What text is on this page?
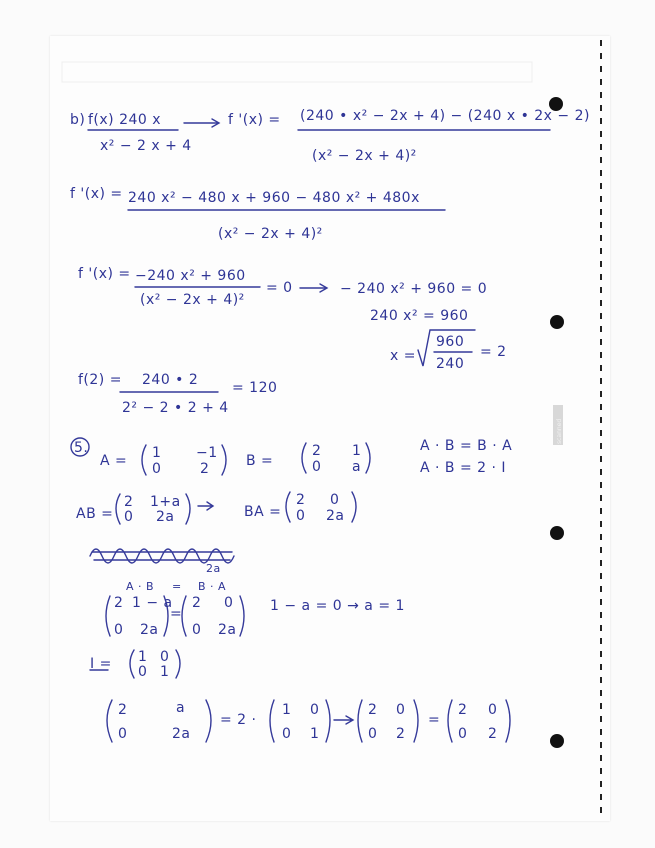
scanned
b) f(x) 240 x
x² − 2 x + 4
f '(x) = (240 • x² − 2x + 4) − (240 x • 2x − 2)
(x² − 2x + 4)²
f '(x) = 240 x² − 480 x + 960 − 480 x² + 480x
(x² − 2x + 4)²
f '(x) = −240 x² + 960
(x² − 2x + 4)²
= 0	− 240 x² + 960 = 0
240 x² = 960
x =
960
240
= 2
f(2) = 240 • 2
2² − 2 • 2 + 4
= 120
5.
A = 1 −1
0	2	B =
2 1
0 a
A · B = B · A
A · B = 2 · I
AB =
2 1+a
0 2a	BA =
2 0
0 2a
2a
A · B = B · A
2 1 − a
0 2a
=
2 0
0 2a
1 − a = 0 → a = 1
I = 1 0
0 1
2	a
0	2a
= 2 ·
1 0
0 1
2 0
0 2
=
2 0
0 2
